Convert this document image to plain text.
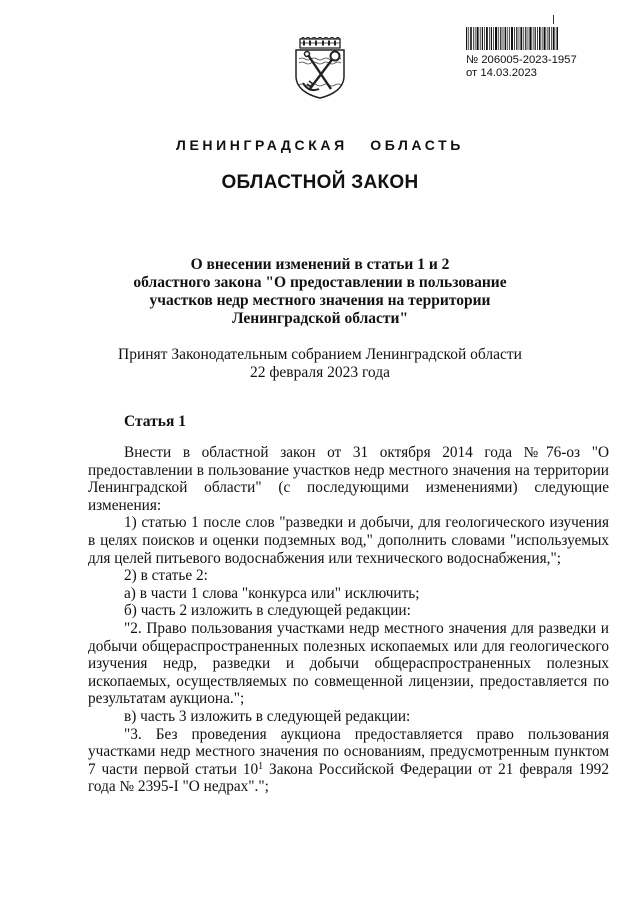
№ 206005-2023-1957
от 14.03.2023
ЛЕНИНГРАДСКАЯ   ОБЛАСТЬ
ОБЛАСТНОЙ ЗАКОН
О внесении изменений в статьи 1 и 2
областного закона "О предоставлении в пользование
участков недр местного значения на территории
Ленинградской области"
Принят Законодательным собранием Ленинградской области
22 февраля 2023 года
Статья 1

Внести в областной закон от 31 октября 2014 года №76-оз "О предоставлении в пользование участков недр местного значения на территории Ленинградской области" (с последующими изменениями) следующие изменения:

1) статью 1 после слов "разведки и добычи, для геологического изучения в целях поисков и оценки подземных вод," дополнить словами "используемых для целей питьевого водоснабжения или технического водоснабжения,";

2) в статье 2:

а) в части 1 слова "конкурса или" исключить;

б) часть 2 изложить в следующей редакции:

"2. Право пользования участками недр местного значения для разведки и добычи общераспространенных полезных ископаемых или для геологического изучения недр, разведки и добычи общераспространенных полезных ископаемых, осуществляемых по совмещенной лицензии, предоставляется по результатам аукциона.";

в) часть 3 изложить в следующей редакции:

"3. Без проведения аукциона предоставляется право пользования участками недр местного значения по основаниям, предусмотренным пунктом 7 части первой статьи $10^1$ Закона Российской Федерации от 21 февраля 1992 года № 2395-I "О недрах".";
